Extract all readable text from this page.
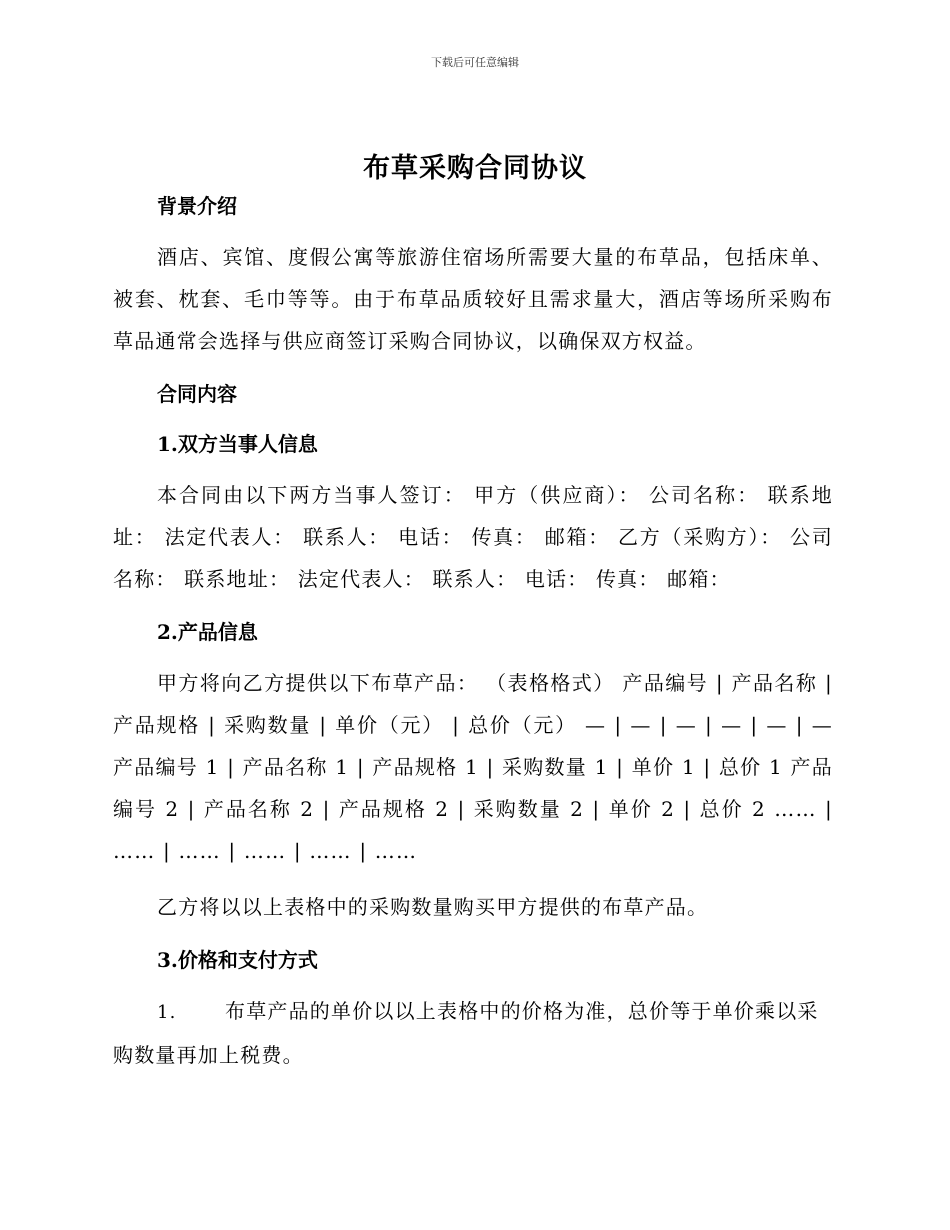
下载后可任意编辑
布草采购合同协议

背景介绍

酒店、宾馆、度假公寓等旅游住宿场所需要大量的布草品，包括床单、被套、枕套、毛巾等等。由于布草品质较好且需求量大，酒店等场所采购布草品通常会选择与供应商签订采购合同协议，以确保双方权益。

合同内容

1.双方当事人信息

本合同由以下两方当事人签订： 甲方（供应商）： 公司名称： 联系地址： 法定代表人： 联系人： 电话： 传真： 邮箱： 乙方（采购方）： 公司名称： 联系地址： 法定代表人： 联系人： 电话： 传真： 邮箱：

2.产品信息

甲方将向乙方提供以下布草产品： （表格格式） 产品编号 | 产品名称 | 产品规格 | 采购数量 | 单价（元） | 总价（元） — | — | — | — | — | — 产品编号 1 | 产品名称 1 | 产品规格 1 | 采购数量 1 | 单价 1 | 总价 1 产品编号 2 | 产品名称 2 | 产品规格 2 | 采购数量 2 | 单价 2 | 总价 2 …… | …… | …… | …… | …… | ……

乙方将以以上表格中的采购数量购买甲方提供的布草产品。

3.价格和支付方式

1. 布草产品的单价以以上表格中的价格为准，总价等于单价乘以采购数量再加上税费。
